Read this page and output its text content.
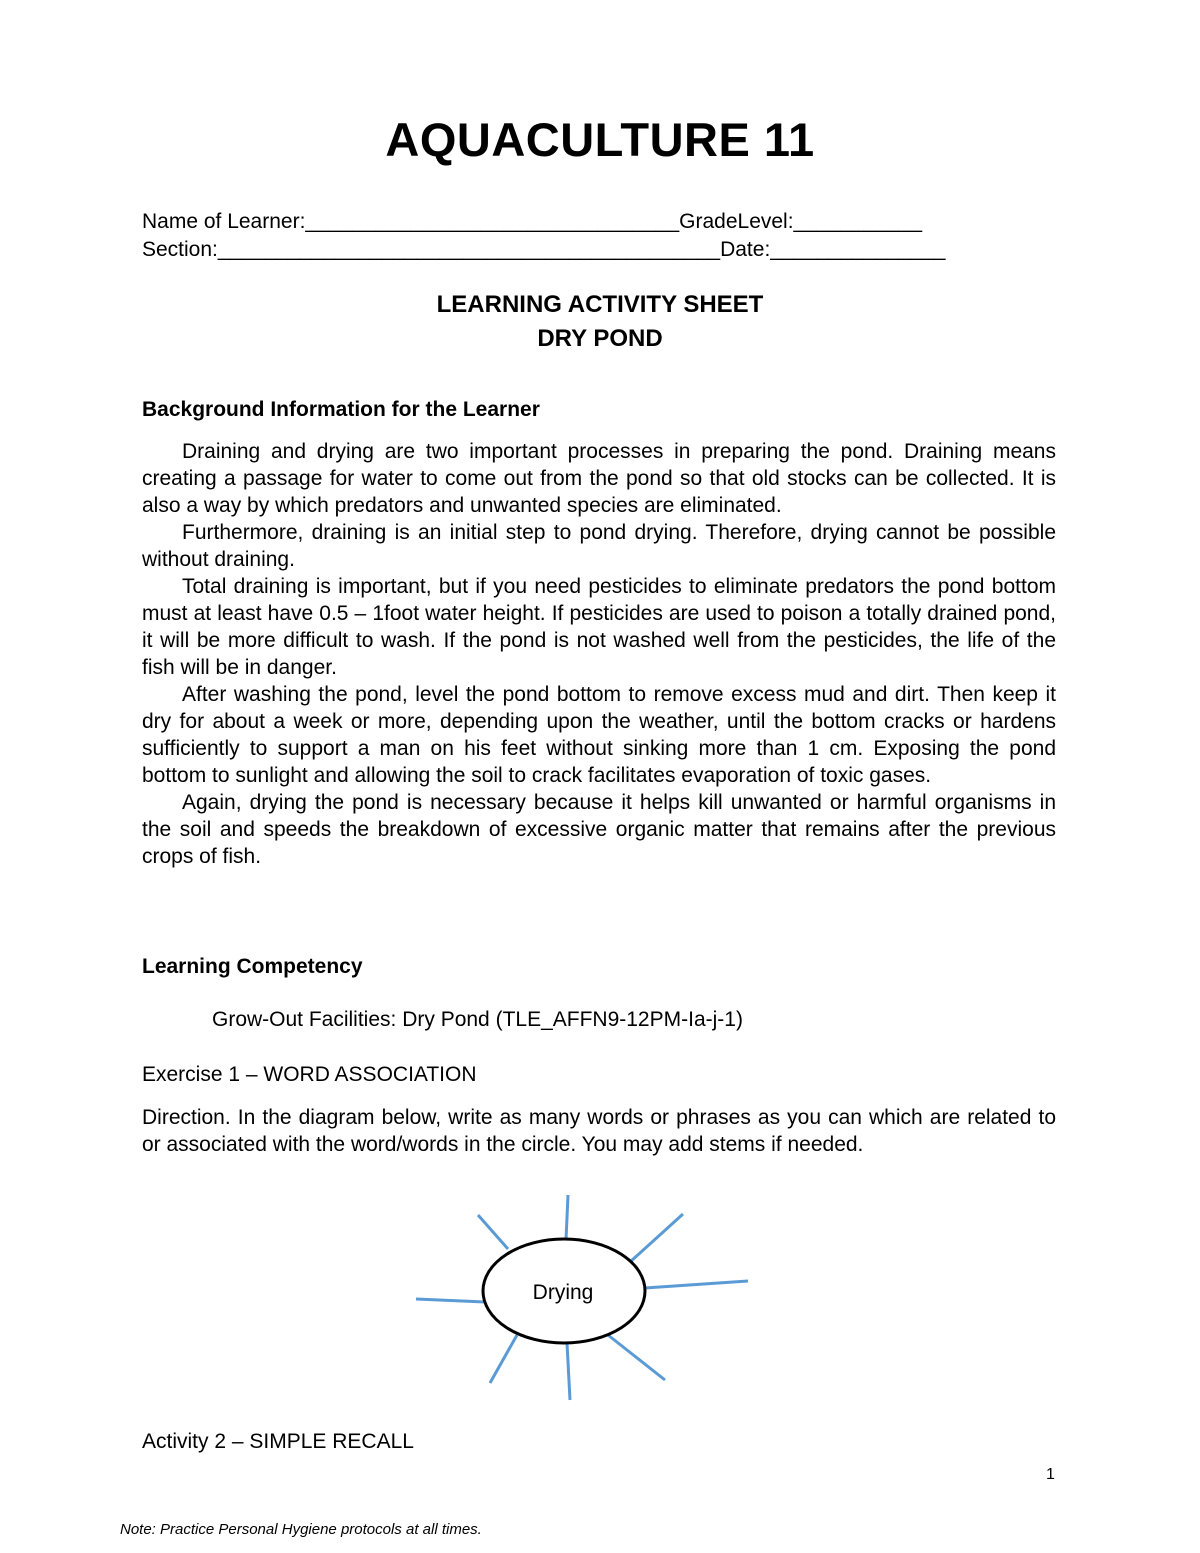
AQUACULTURE 11
Name of Learner:________________________________GradeLevel:___________
Section:___________________________________________Date:_______________
LEARNING ACTIVITY SHEET
DRY POND
Background Information for the Learner

Draining and drying are two important processes in preparing the pond. Draining means creating a passage for water to come out from the pond so that old stocks can be collected. It is also a way by which predators and unwanted species are eliminated.

Furthermore, draining is an initial step to pond drying. Therefore, drying cannot be possible without draining.

Total draining is important, but if you need pesticides to eliminate predators the pond bottom must at least have 0.5 – 1foot water height. If pesticides are used to poison a totally drained pond, it will be more difficult to wash. If the pond is not washed well from the pesticides, the life of the fish will be in danger.

After washing the pond, level the pond bottom to remove excess mud and dirt. Then keep it dry for about a week or more, depending upon the weather, until the bottom cracks or hardens sufficiently to support a man on his feet without sinking more than 1 cm. Exposing the pond bottom to sunlight and allowing the soil to crack facilitates evaporation of toxic gases.

Again, drying the pond is necessary because it helps kill unwanted or harmful organisms in the soil and speeds the breakdown of excessive organic matter that remains after the previous crops of fish.

Learning Competency
Grow-Out Facilities: Dry Pond (TLE_AFFN9-12PM-Ia-j-1)
Exercise 1 – WORD ASSOCIATION
Direction. In the diagram below, write as many words or phrases as you can which are related to or associated with the word/words in the circle. You may add stems if needed.
Drying
Activity 2 – SIMPLE RECALL
1
Note: Practice Personal Hygiene protocols at all times.
